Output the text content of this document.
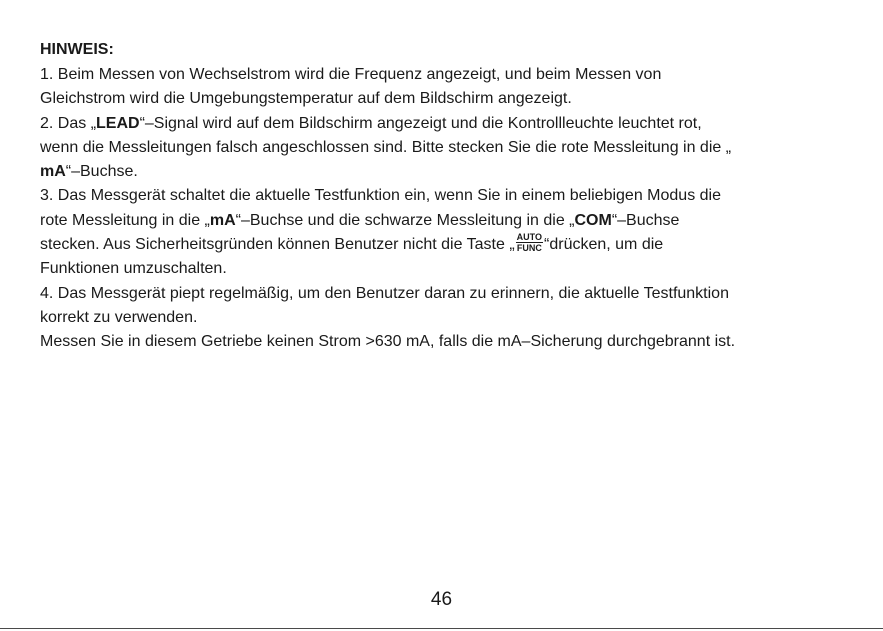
HINWEIS:
1. Beim Messen von Wechselstrom wird die Frequenz angezeigt, und beim Messen von
Gleichstrom wird die Umgebungstemperatur auf dem Bildschirm angezeigt.
2. Das „LEAD“–Signal wird auf dem Bildschirm angezeigt und die Kontrollleuchte leuchtet rot,
wenn die Messleitungen falsch angeschlossen sind. Bitte stecken Sie die rote Messleitung in die „
mA“–Buchse.
3. Das Messgerät schaltet die aktuelle Testfunktion ein, wenn Sie in einem beliebigen Modus die
rote Messleitung in die „mA“–Buchse und die schwarze Messleitung in die „COM“–Buchse
stecken. Aus Sicherheitsgründen können Benutzer nicht die Taste „ AUTO
FUNC “drücken, um die
Funktionen umzuschalten.
4. Das Messgerät piept regelmäßig, um den Benutzer daran zu erinnern, die aktuelle Testfunktion
korrekt zu verwenden.
Messen Sie in diesem Getriebe keinen Strom >630 mA, falls die mA–Sicherung durchgebrannt ist.
46
